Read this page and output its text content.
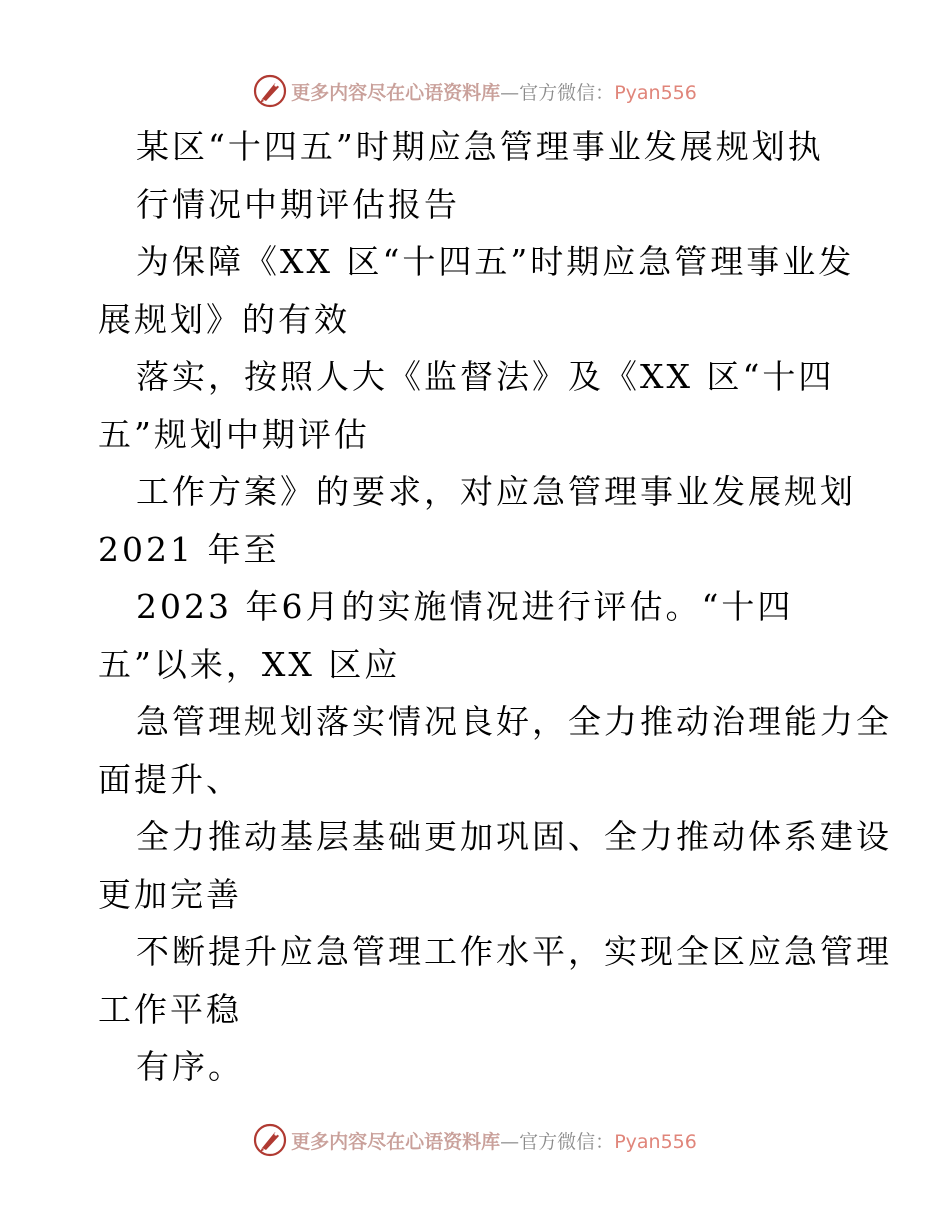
更多内容尽在心语资料库—官方微信：Pyan556
某区“十四五”时期应急管理事业发展规划执
行情况中期评估报告
为保障《XX 区“十四五”时期应急管理事业发
展规划》的有效
落实，按照人大《监督法》及《XX 区“十四
五”规划中期评估
工作方案》的要求，对应急管理事业发展规划
2021 年至
2023 年6月的实施情况进行评估。“十四
五”以来，XX 区应
急管理规划落实情况良好，全力推动治理能力全
面提升、
全力推动基层基础更加巩固、全力推动体系建设
更加完善
不断提升应急管理工作水平，实现全区应急管理
工作平稳
有序。
更多内容尽在心语资料库—官方微信：Pyan556
